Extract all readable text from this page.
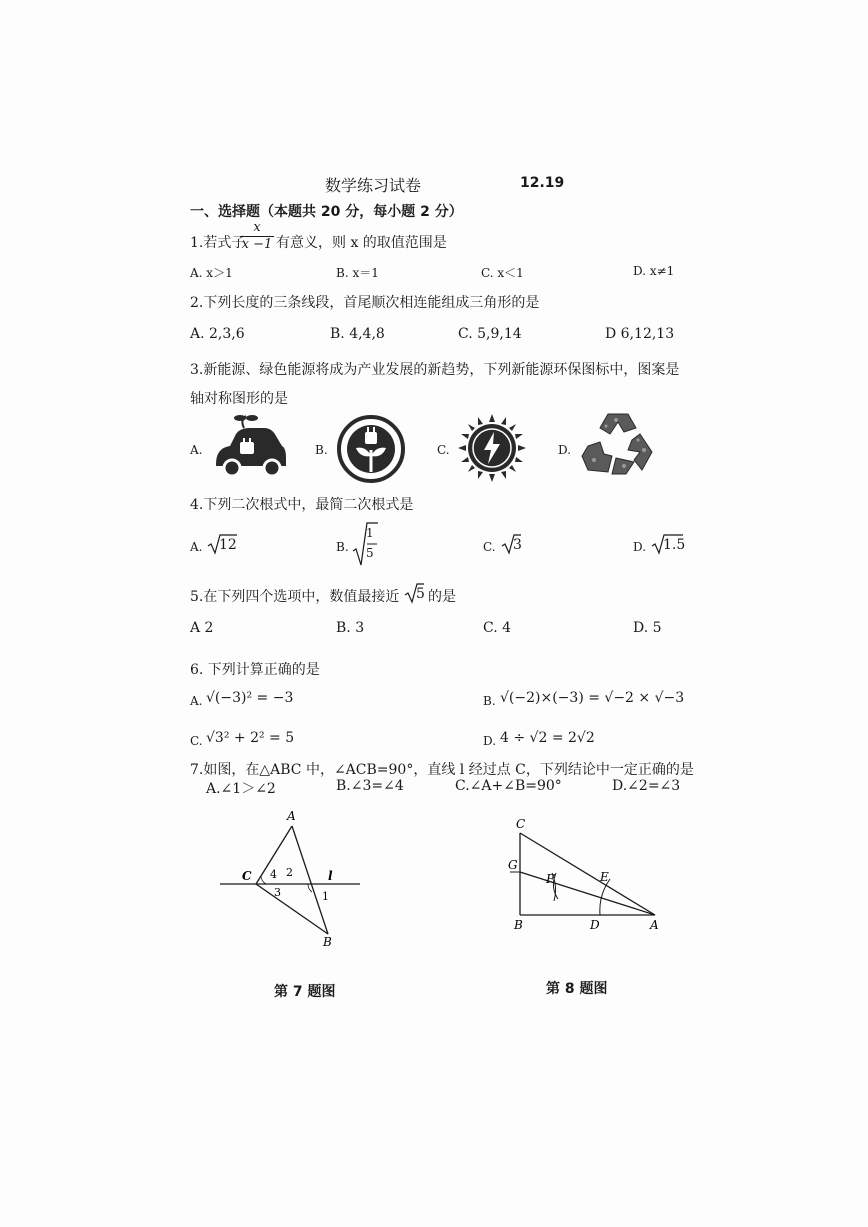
数学练习试卷	12.19
一、选择题（本题共 20 分，每小题 2 分）
1.若式子
$\frac{x}{x -1}$ 有意义，则 x 的取值范围是
A. x＞1	B. x＝1	C. x＜1	D. x≠1
2.下列长度的三条线段，首尾顺次相连能组成三角形的是
A. 2,3,6	B. 4,4,8	C. 5,9,14	D 6,12,13
3.新能源、绿色能源将成为产业发展的新趋势，下列新能源环保图标中，图案是
轴对称图形的是
A.	B.	C.	D.
4.下列二次根式中，最简二次根式是
A. 12	B.
1
5	C. 3	D. 1.5
5.在下列四个选项中，数值最接近 5 的是
A 2	B. 3	C. 4	D. 5
6. 下列计算正确的是
A. √(−3)² = −3	B. √(−2)×(−3) = √−2 × √−3
C. √3² + 2² = 5	D. 4 ÷ √2 = 2√2
7.如图，在△ABC 中，∠ACB=90°，直线 l 经过点 C，下列结论中一定正确的是
A.∠1＞∠2	B.∠3=∠4	C.∠A+∠B=90°	D.∠2=∠3
A
B
C	l
4 2
3	1
C
B	A
D
E
F
G
第 7 题图	第 8 题图
